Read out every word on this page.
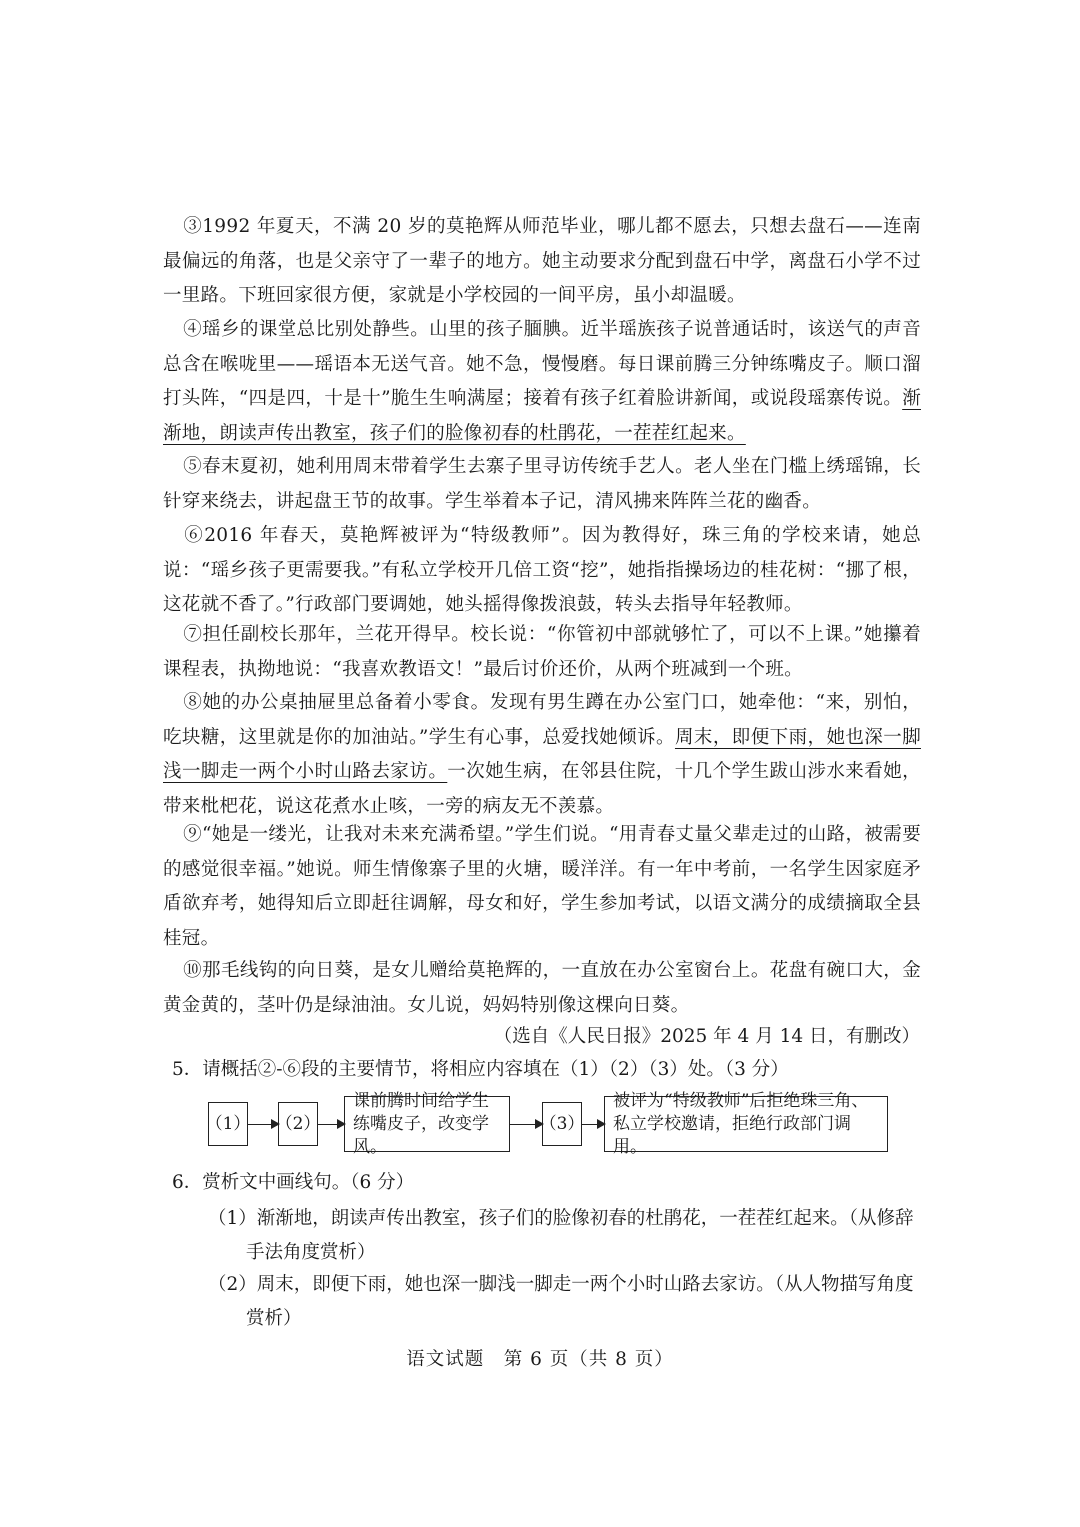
③1992 年夏天，不满 20 岁的莫艳辉从师范毕业，哪儿都不愿去，只想去盘石——连南最偏远的角落，也是父亲守了一辈子的地方。她主动要求分配到盘石中学，离盘石小学不过一里路。下班回家很方便，家就是小学校园的一间平房，虽小却温暖。
④瑶乡的课堂总比别处静些。山里的孩子腼腆。近半瑶族孩子说普通话时，该送气的声音总含在喉咙里——瑶语本无送气音。她不急，慢慢磨。每日课前腾三分钟练嘴皮子。顺口溜打头阵，“四是四，十是十”脆生生响满屋；接着有孩子红着脸讲新闻，或说段瑶寨传说。渐渐地，朗读声传出教室，孩子们的脸像初春的杜鹃花，一茬茬红起来。
⑤春末夏初，她利用周末带着学生去寨子里寻访传统手艺人。老人坐在门槛上绣瑶锦，长针穿来绕去，讲起盘王节的故事。学生举着本子记，清风拂来阵阵兰花的幽香。
⑥2016 年春天，莫艳辉被评为“特级教师”。因为教得好，珠三角的学校来请，她总说：“瑶乡孩子更需要我。”有私立学校开几倍工资“挖”，她指指操场边的桂花树：“挪了根，这花就不香了。”行政部门要调她，她头摇得像拨浪鼓，转头去指导年轻教师。
⑦担任副校长那年，兰花开得早。校长说：“你管初中部就够忙了，可以不上课。”她攥着课程表，执拗地说：“我喜欢教语文！”最后讨价还价，从两个班减到一个班。
⑧她的办公桌抽屉里总备着小零食。发现有男生蹲在办公室门口，她牵他：“来，别怕，吃块糖，这里就是你的加油站。”学生有心事，总爱找她倾诉。周末，即便下雨，她也深一脚浅一脚走一两个小时山路去家访。一次她生病，在邻县住院，十几个学生跋山涉水来看她，带来枇杷花，说这花煮水止咳，一旁的病友无不羡慕。
⑨“她是一缕光，让我对未来充满希望。”学生们说。“用青春丈量父辈走过的山路，被需要的感觉很幸福。”她说。师生情像寨子里的火塘，暖洋洋。有一年中考前，一名学生因家庭矛盾欲弃考，她得知后立即赶往调解，母女和好，学生参加考试，以语文满分的成绩摘取全县桂冠。
⑩那毛线钩的向日葵，是女儿赠给莫艳辉的，一直放在办公室窗台上。花盘有碗口大，金黄金黄的，茎叶仍是绿油油。女儿说，妈妈特别像这棵向日葵。
（选自《人民日报》2025 年 4 月 14 日，有删改）
5．请概括②-⑥段的主要情节，将相应内容填在（1）（2）（3）处。（3 分）
（1） （2）
课前腾时间给学生练嘴皮子，改变学风。
（3）
被评为“特级教师”后拒绝珠三角、私立学校邀请，拒绝行政部门调用。
6．赏析文中画线句。（6 分）
（1）渐渐地，朗读声传出教室，孩子们的脸像初春的杜鹃花，一茬茬红起来。（从修辞手法角度赏析）
（2）周末，即便下雨，她也深一脚浅一脚走一两个小时山路去家访。（从人物描写角度赏析）
语文试题　第 6 页（共 8 页）
